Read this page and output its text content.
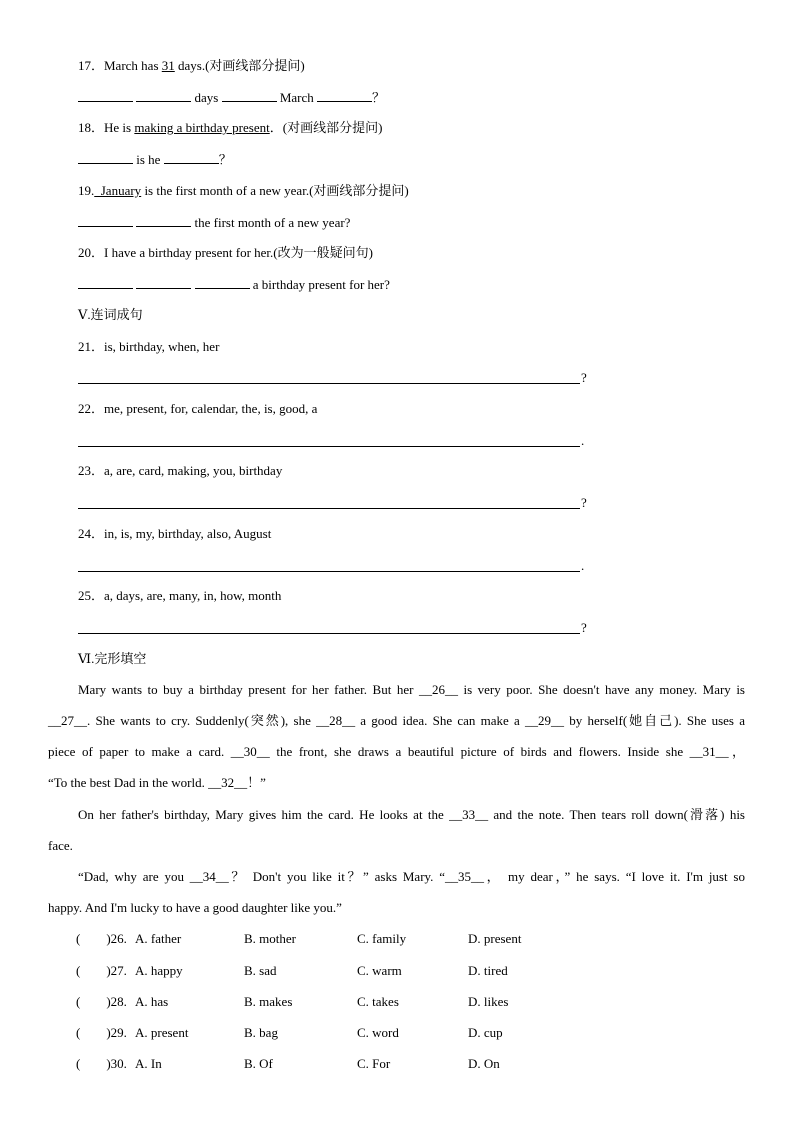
17．March has 31 days.(对画线部分提问)
days	March	？
18．He is making a birthday present．(对画线部分提问)
is he	？
19.  January is the first month of a new year.(对画线部分提问)
the first month of a new year?
20．I have a birthday present for her.(改为一般疑问句)
a birthday present for her?
Ⅴ.连词成句
21．is, birthday, when, her
?
22．me, present, for, calendar, the, is, good, a
.
23．a, are, card, making, you, birthday
?
24．in, is, my, birthday, also, August
.
25．a, days, are, many, in, how, month
?
Ⅵ.完形填空
Mary wants to buy a birthday present for her father. But her __26__ is very poor. She doesn't have any money. Mary is
__27__. She wants to cry. Suddenly(突然), she __28__ a good idea. She can make a __29__ by herself(她自己). She uses a
piece of paper to make a card. __30__ the front, she draws a beautiful picture of birds and flowers. Inside she __31__，
“To the best Dad in the world. __32__！”
On her father's birthday, Mary gives him the card. He looks at the __33__ and the note. Then tears roll down(滑落) his
face.
“Dad, why are you __34__？ Don't you like it？” asks Mary. “__35__， my dear，” he says. “I love it. I'm just so
happy. And I'm lucky to have a good daughter like you.”
(　　)26. A. father	B. mother	C. family	D. present
(　　)27. A. happy	B. sad	C. warm	D. tired
(　　)28. A. has	B. makes	C. takes	D. likes
(　　)29. A. present	B. bag	C. word	D. cup
(　　)30. A. In	B. Of	C. For	D. On
